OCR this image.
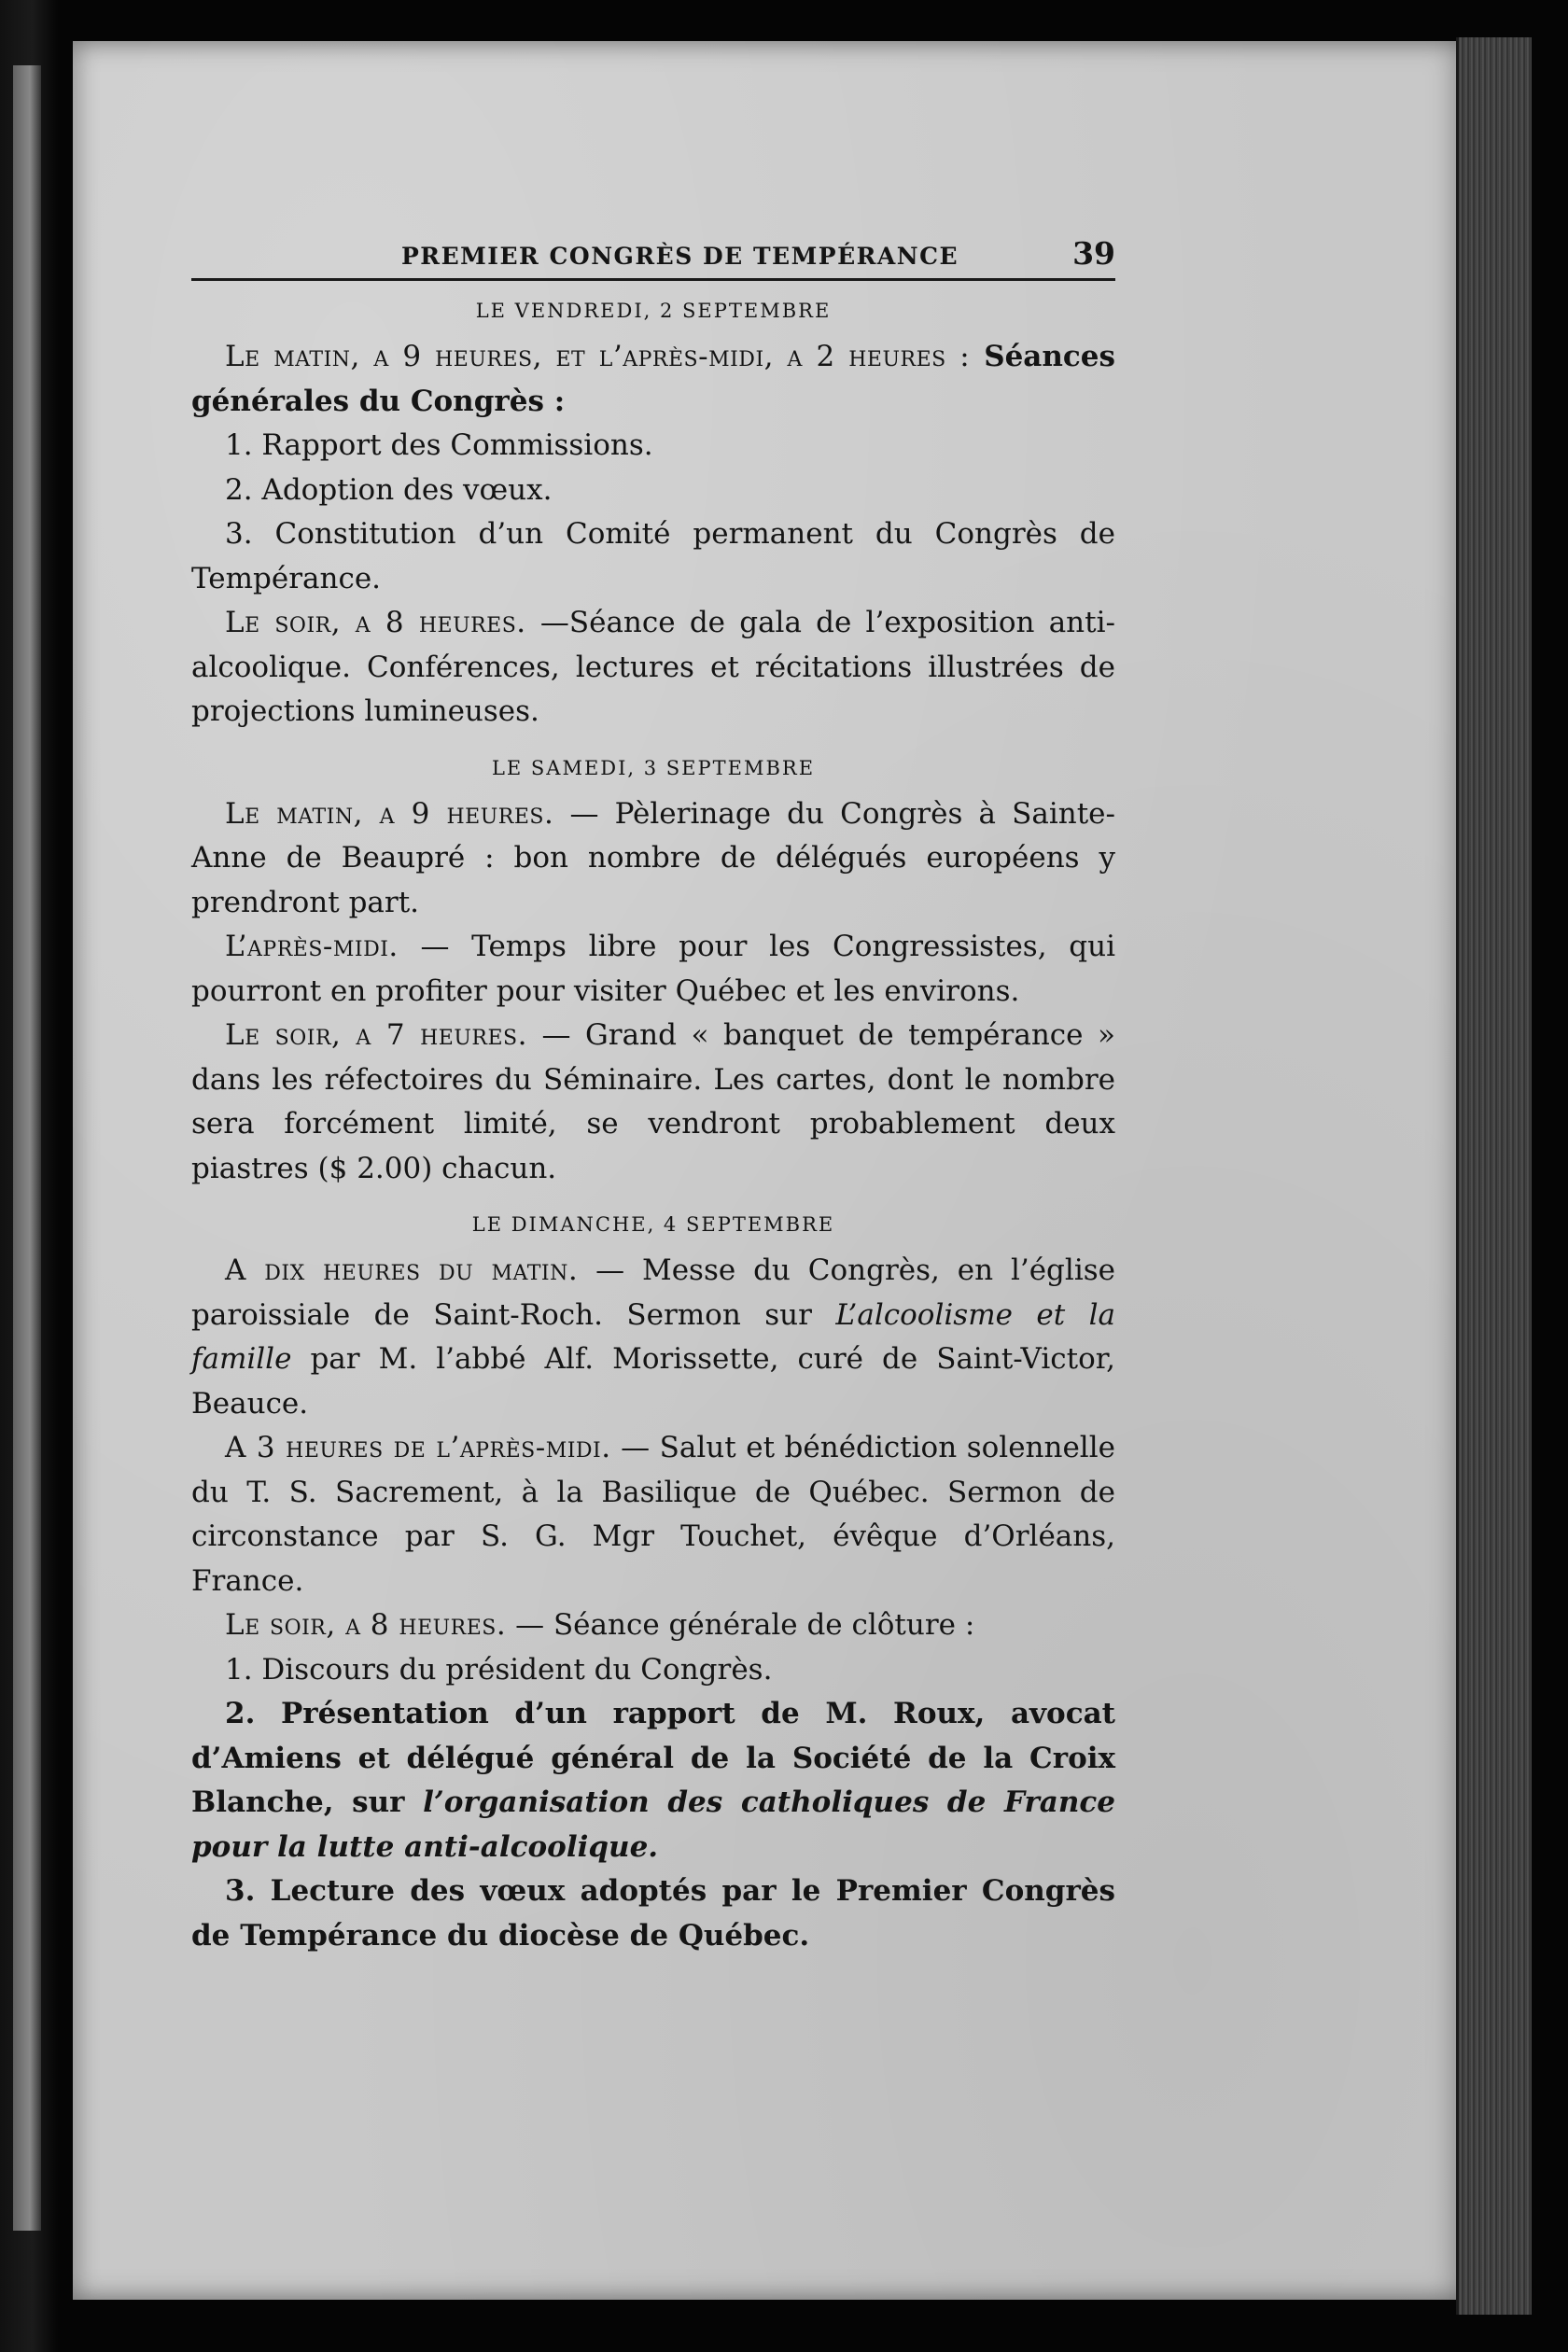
PREMIER CONGRÈS DE TEMPÉRANCE	39
LE VENDREDI, 2 SEPTEMBRE

Le matin, a 9 heures, et l’après-midi, a 2 heures : Séances générales du Congrès :

1. Rapport des Commissions.

2. Adoption des vœux.

3. Constitution d’un Comité permanent du Congrès de Tempérance.

Le soir, a 8 heures. —Séance de gala de l’exposition anti-alcoolique. Conférences, lectures et récitations illustrées de projections lumineuses.

LE SAMEDI, 3 SEPTEMBRE

Le matin, a 9 heures. — Pèlerinage du Congrès à Sainte-Anne de Beaupré : bon nombre de délégués européens y prendront part.

L’après-midi. — Temps libre pour les Congressistes, qui pourront en profiter pour visiter Québec et les environs.

Le soir, a 7 heures. — Grand « banquet de tempérance » dans les réfectoires du Séminaire. Les cartes, dont le nombre sera forcément limité, se vendront probablement deux piastres ($ 2.00) chacun.

LE DIMANCHE, 4 SEPTEMBRE

A dix heures du matin. — Messe du Congrès, en l’église paroissiale de Saint-Roch. Sermon sur L’alcoolisme et la famille par M. l’abbé Alf. Morissette, curé de Saint-Victor, Beauce.

A 3 heures de l’après-midi. — Salut et bénédiction solennelle du T. S. Sacrement, à la Basilique de Québec. Sermon de circonstance par S. G. Mgr Touchet, évêque d’Orléans, France.

Le soir, a 8 heures. — Séance générale de clôture :

1. Discours du président du Congrès.

2. Présentation d’un rapport de M. Roux, avocat d’Amiens et délégué général de la Société de la Croix Blanche, sur l’organisation des catholiques de France pour la lutte anti-alcoolique.

3. Lecture des vœux adoptés par le Premier Congrès de Tempérance du diocèse de Québec.
